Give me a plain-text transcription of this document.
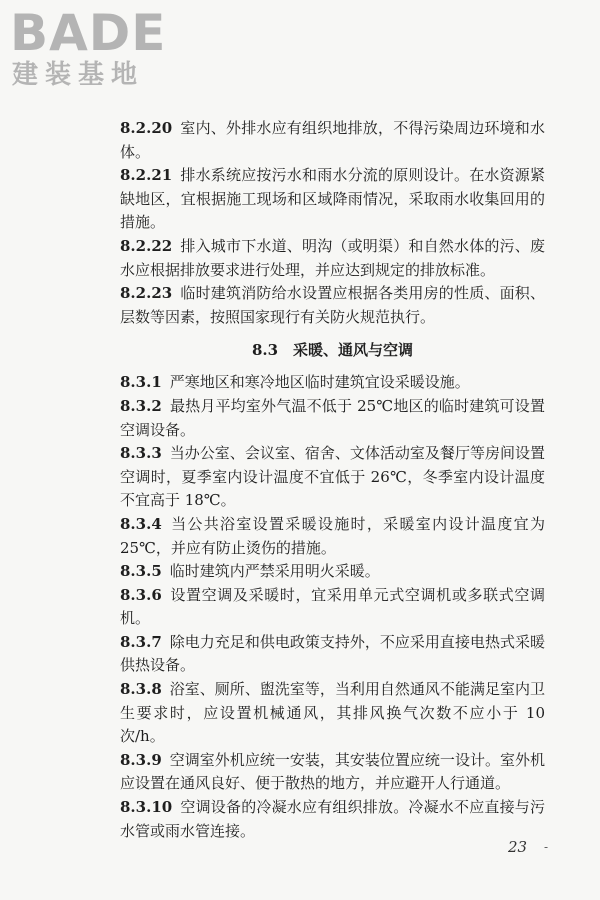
BADE
建装基地

8.2.20 室内、外排水应有组织地排放，不得污染周边环境和水体。

8.2.21 排水系统应按污水和雨水分流的原则设计。在水资源紧缺地区，宜根据施工现场和区域降雨情况，采取雨水收集回用的措施。

8.2.22 排入城市下水道、明沟（或明渠）和自然水体的污、废水应根据排放要求进行处理，并应达到规定的排放标准。

8.2.23 临时建筑消防给水设置应根据各类用房的性质、面积、层数等因素，按照国家现行有关防火规范执行。

8.3　采暖、通风与空调

8.3.1 严寒地区和寒冷地区临时建筑宜设采暖设施。

8.3.2 最热月平均室外气温不低于 25℃地区的临时建筑可设置空调设备。

8.3.3 当办公室、会议室、宿舍、文体活动室及餐厅等房间设置空调时，夏季室内设计温度不宜低于 26℃，冬季室内设计温度不宜高于 18℃。

8.3.4 当公共浴室设置采暖设施时，采暖室内设计温度宜为 25℃，并应有防止烫伤的措施。

8.3.5 临时建筑内严禁采用明火采暖。

8.3.6 设置空调及采暖时，宜采用单元式空调机或多联式空调机。

8.3.7 除电力充足和供电政策支持外，不应采用直接电热式采暖供热设备。

8.3.8 浴室、厕所、盥洗室等，当利用自然通风不能满足室内卫生要求时，应设置机械通风，其排风换气次数不应小于 10 次/h。

8.3.9 空调室外机应统一安装，其安装位置应统一设计。室外机应设置在通风良好、便于散热的地方，并应避开人行通道。

8.3.10 空调设备的冷凝水应有组织排放。冷凝水不应直接与污水管或雨水管连接。

23 -
